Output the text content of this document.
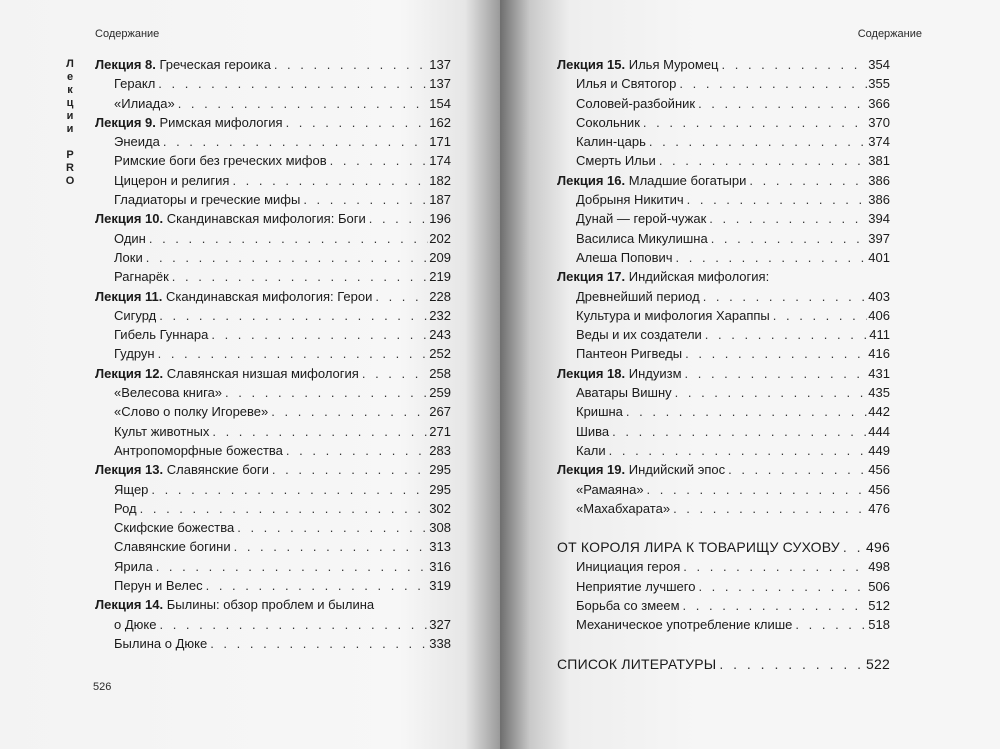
Содержание
Лекции PRO Лекция 8. Греческая героика . . .	137
Геракл . . .	137
«Илиада» . . .	154
Лекция 9. Римская мифология . . .	162
Энеида . . .	171
Римские боги без греческих мифов . . .	174
Цицерон и религия . . .	182
Гладиаторы и греческие мифы . . .	187
Лекция 10. Скандинавская мифология: Боги . . .	196
Один . . .	202
Локи . . .	209
Рагнарёк . . .	219
Лекция 11. Скандинавская мифология: Герои . . .	228
Сигурд . . .	232
Гибель Гуннара . . .	243
Гудрун . . .	252
Лекция 12. Славянская низшая мифология . . .	258
«Велесова книга» . . .	259
«Слово о полку Игореве» . . .	267
Культ животных . . .	271
Антропоморфные божества . . .	283
Лекция 13. Славянские боги . . .	295
Ящер . . .	295
Род . . .	302
Скифские божества . . .	308
Славянские богини . . .	313
Ярила . . .	316
Перун и Велес . . .	319
Лекция 14. Былины: обзор проблем и былина
о Дюке . . .	327
Былина о Дюке . . .	338
526
Содержание
Лекция 15. Илья Муромец . . .	354
Илья и Святогор . . .	355
Соловей-разбойник . . .	366
Сокольник . . .	370
Калин-царь . . .	374
Смерть Ильи . . .	381
Лекция 16. Младшие богатыри . . .	386
Добрыня Никитич . . .	386
Дунай — герой-чужак . . .	394
Василиса Микулишна . . .	397
Алеша Попович . . .	401
Лекция 17. Индийская мифология:
Древнейший период . . .	403
Культура и мифология Хараппы . . .	406
Веды и их создатели . . .	411
Пантеон Ригведы . . .	416
Лекция 18. Индуизм . . .	431
Аватары Вишну . . .	435
Кришна . . .	442
Шива . . .	444
Кали . . .	449
Лекция 19. Индийский эпос . . .	456
«Рамаяна» . . .	456
«Махабхарата» . . .	476
ОТ КОРОЛЯ ЛИРА К ТОВАРИЩУ СУХОВУ . . . 496
Инициация героя . . .	498
Неприятие лучшего . . .	506
Борьба со змеем . . .	512
Механическое употребление клише . . .	518
СПИСОК ЛИТЕРАТУРЫ . . .	522
